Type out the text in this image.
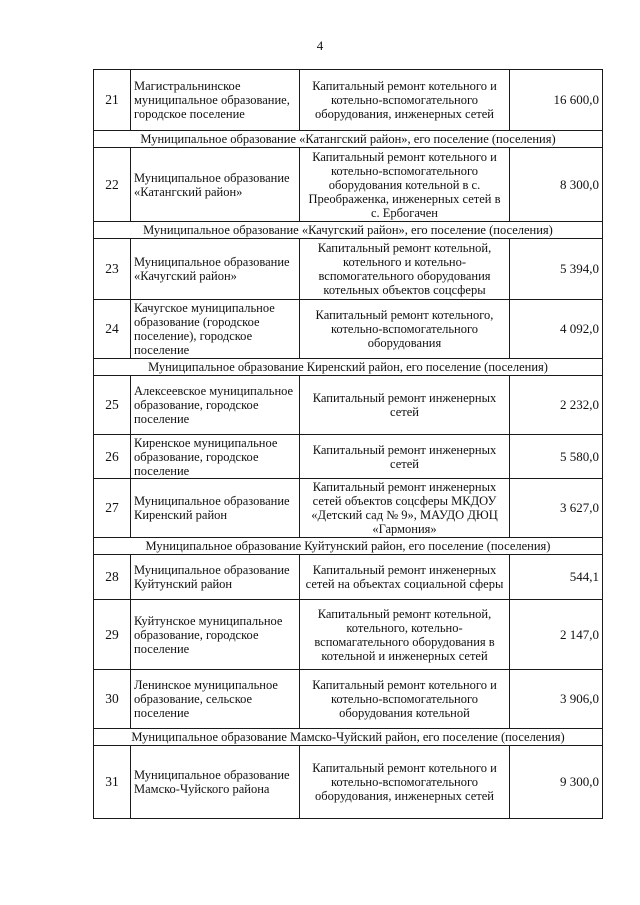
4
21	Магистральнинское муниципальное образование, городское поселение	Капитальный ремонт котельного и котельно-вспомогательного оборудования, инженерных сетей	16 600,0
Муниципальное образование «Катангский район», его поселение (поселения)			
22	Муниципальное образование «Катангский район»	Капитальный ремонт котельного и котельно-вспомогательного оборудования котельной в с. Преображенка, инженерных сетей в с. Ербогачен	8 300,0
Муниципальное образование «Качугский район», его поселение (поселения)			
23	Муниципальное образование «Качугский район»	Капитальный ремонт котельной, котельного и котельно-вспомогательного оборудования котельных объектов соцсферы	5 394,0
24	Качугское муниципальное образование (городское поселение), городское поселение	Капитальный ремонт котельного, котельно-вспомогательного оборудования	4 092,0
Муниципальное образование Киренский район, его поселение (поселения)			
25	Алексеевское муниципальное образование, городское поселение	Капитальный ремонт инженерных сетей	2 232,0
26	Киренское муниципальное образование, городское поселение	Капитальный ремонт инженерных сетей	5 580,0
27	Муниципальное образование Киренский район	Капитальный ремонт инженерных сетей объектов соцсферы МКДОУ «Детский сад № 9», МАУДО ДЮЦ «Гармония»	3 627,0
Муниципальное образование Куйтунский район, его поселение (поселения)			
28	Муниципальное образование Куйтунский район	Капитальный ремонт инженерных сетей на объектах социальной сферы	544,1
29	Куйтунское муниципальное образование, городское поселение	Капитальный ремонт котельной, котельного, котельно-вспомагательного оборудования в котельной и инженерных сетей	2 147,0
30	Ленинское муниципальное образование, сельское поселение	Капитальный ремонт котельного и котельно-вспомогательного оборудования котельной	3 906,0
Муниципальное образование Мамско-Чуйский район, его поселение (поселения)			
31	Муниципальное образование Мамско-Чуйского района	Капитальный ремонт котельного и котельно-вспомогательного оборудования, инженерных сетей	9 300,0
